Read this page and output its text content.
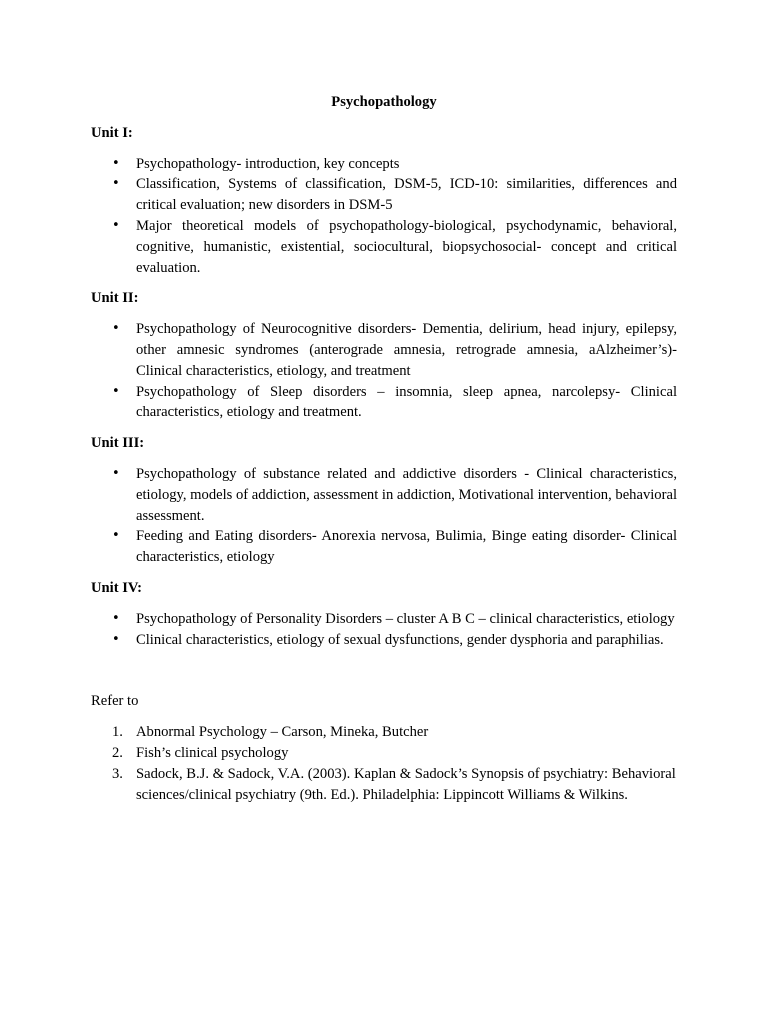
Psychopathology
Unit I:
• Psychopathology- introduction, key concepts
• Classification, Systems of classification, DSM-5, ICD-10: similarities, differences and critical evaluation; new disorders in DSM-5
• Major theoretical models of psychopathology-biological, psychodynamic, behavioral, cognitive, humanistic, existential, sociocultural, biopsychosocial- concept and critical evaluation.
Unit II:
• Psychopathology of Neurocognitive disorders- Dementia, delirium, head injury, epilepsy, other amnesic syndromes (anterograde amnesia, retrograde amnesia, aAlzheimer’s)- Clinical characteristics, etiology, and treatment
• Psychopathology of Sleep disorders – insomnia, sleep apnea, narcolepsy- Clinical characteristics, etiology and treatment.
Unit III:
• Psychopathology of substance related and addictive disorders - Clinical characteristics, etiology, models of addiction, assessment in addiction, Motivational intervention, behavioral assessment.
• Feeding and Eating disorders- Anorexia nervosa, Bulimia, Binge eating disorder- Clinical characteristics, etiology
Unit IV:
• Psychopathology of Personality Disorders – cluster A B C – clinical characteristics, etiology
• Clinical characteristics, etiology of sexual dysfunctions, gender dysphoria and paraphilias.
Refer to
1. Abnormal Psychology – Carson, Mineka, Butcher
2. Fish’s clinical psychology
3. Sadock, B.J. & Sadock, V.A. (2003). Kaplan & Sadock’s Synopsis of psychiatry: Behavioral sciences/clinical psychiatry (9th. Ed.). Philadelphia: Lippincott Williams & Wilkins.
